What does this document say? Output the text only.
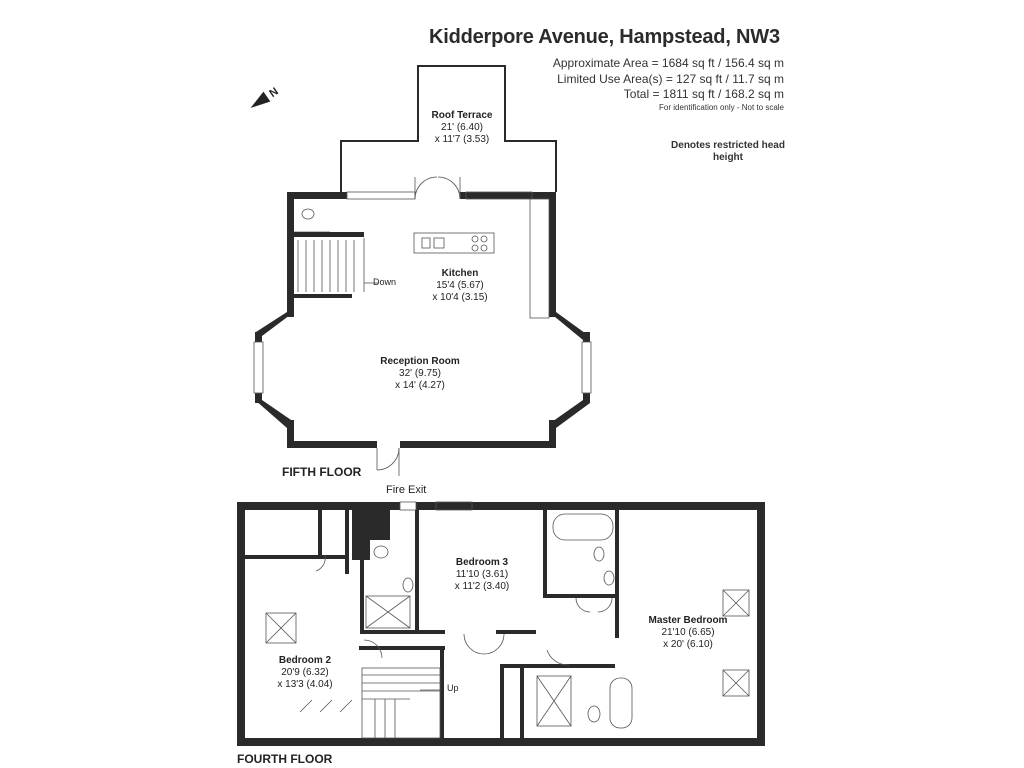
Kidderpore Avenue, Hampstead, NW3
Approximate Area = 1684 sq ft / 156.4 sq m
Limited Use Area(s) = 127 sq ft / 11.7 sq m
Total = 1811 sq ft / 168.2 sq m
For identification only - Not to scale
Denotes restricted head height
N
Roof Terrace
21' (6.40)
x 11'7 (3.53)
Kitchen
15'4 (5.67)
x 10'4 (3.15)
Reception Room
32' (9.75)
x 14' (4.27)
Down
FIFTH FLOOR
Fire Exit
Bedroom 3
11'10 (3.61)
x 11'2 (3.40)
Master Bedroom
21'10 (6.65)
x 20' (6.10)
Bedroom 2
20'9 (6.32)
x 13'3 (4.04)	Up
FOURTH FLOOR
